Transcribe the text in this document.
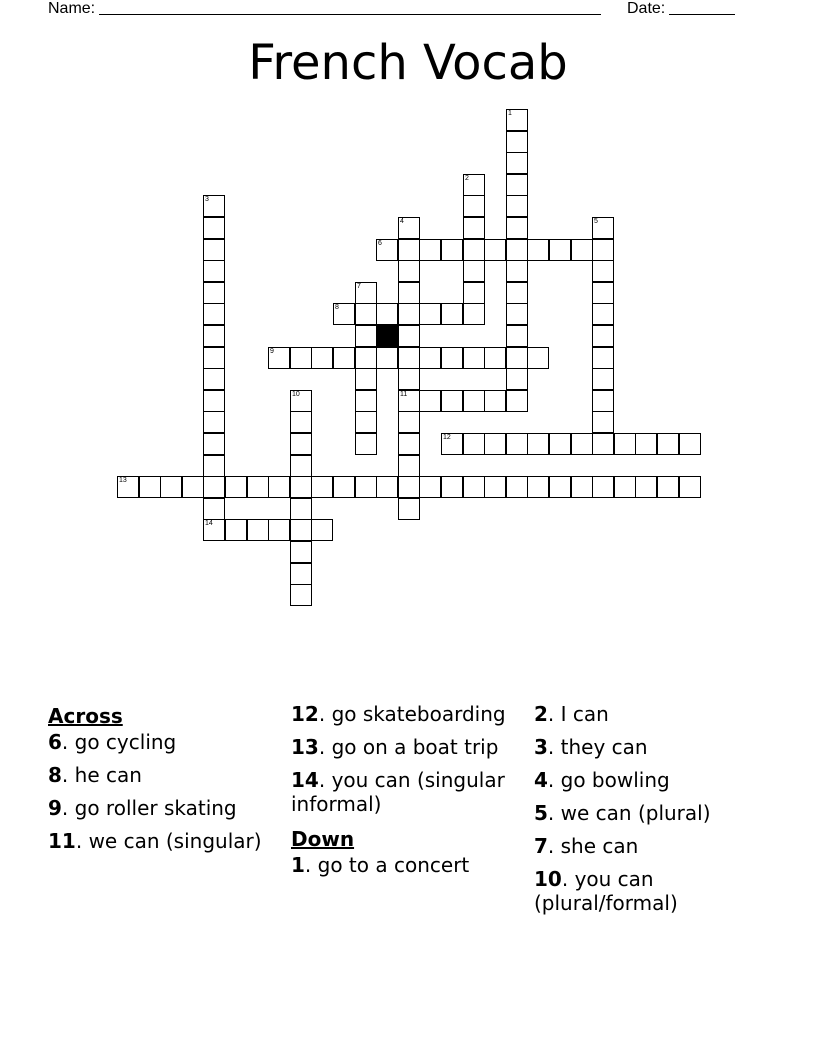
Name:	Date:
French Vocab
1
2
3
4	5
6
7
8
9
10	11
12
13
14
Across
6. go cycling
8. he can
9. go roller skating
11. we can (singular)
12. go skateboarding
13. go on a boat trip
14. you can (singular informal)
Down
1. go to a concert
2. I can
3. they can
4. go bowling
5. we can (plural)
7. she can
10. you can (plural/formal)
